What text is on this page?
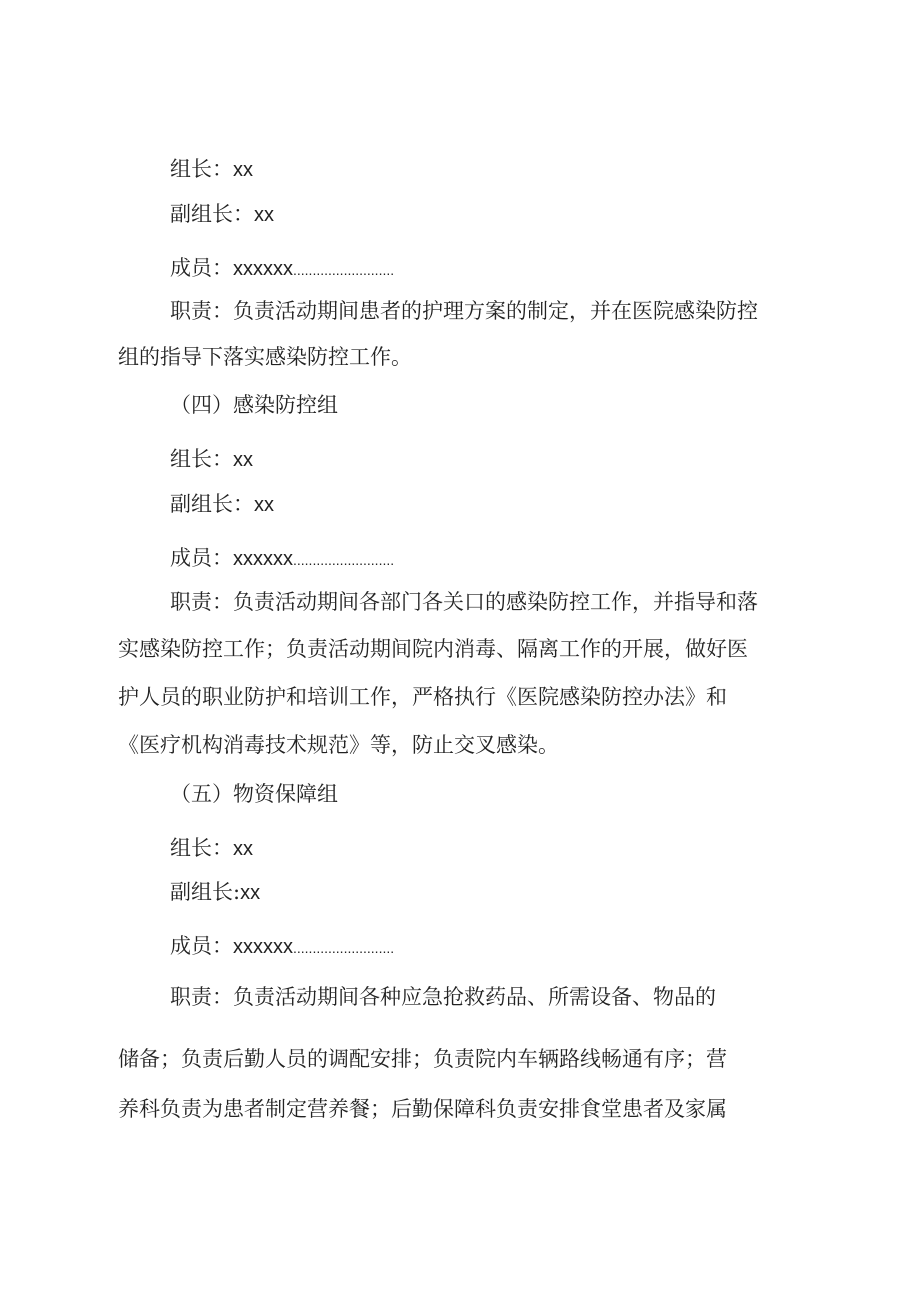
组长：xx
副组长：xx
成员：xxxxxx..........................
职责：负责活动期间患者的护理方案的制定，并在医院感染防控
组的指导下落实感染防控工作。
（四）感染防控组
组长：xx
副组长：xx
成员：xxxxxx..........................
职责：负责活动期间各部门各关口的感染防控工作，并指导和落
实感染防控工作；负责活动期间院内消毒、隔离工作的开展，做好医
护人员的职业防护和培训工作，严格执行《医院感染防控办法》和
《医疗机构消毒技术规范》等，防止交叉感染。
（五）物资保障组
组长：xx
副组长:xx
成员：xxxxxx..........................
职责：负责活动期间各种应急抢救药品、所需设备、物品的
储备；负责后勤人员的调配安排；负责院内车辆路线畅通有序；营
养科负责为患者制定营养餐；后勤保障科负责安排食堂患者及家属
